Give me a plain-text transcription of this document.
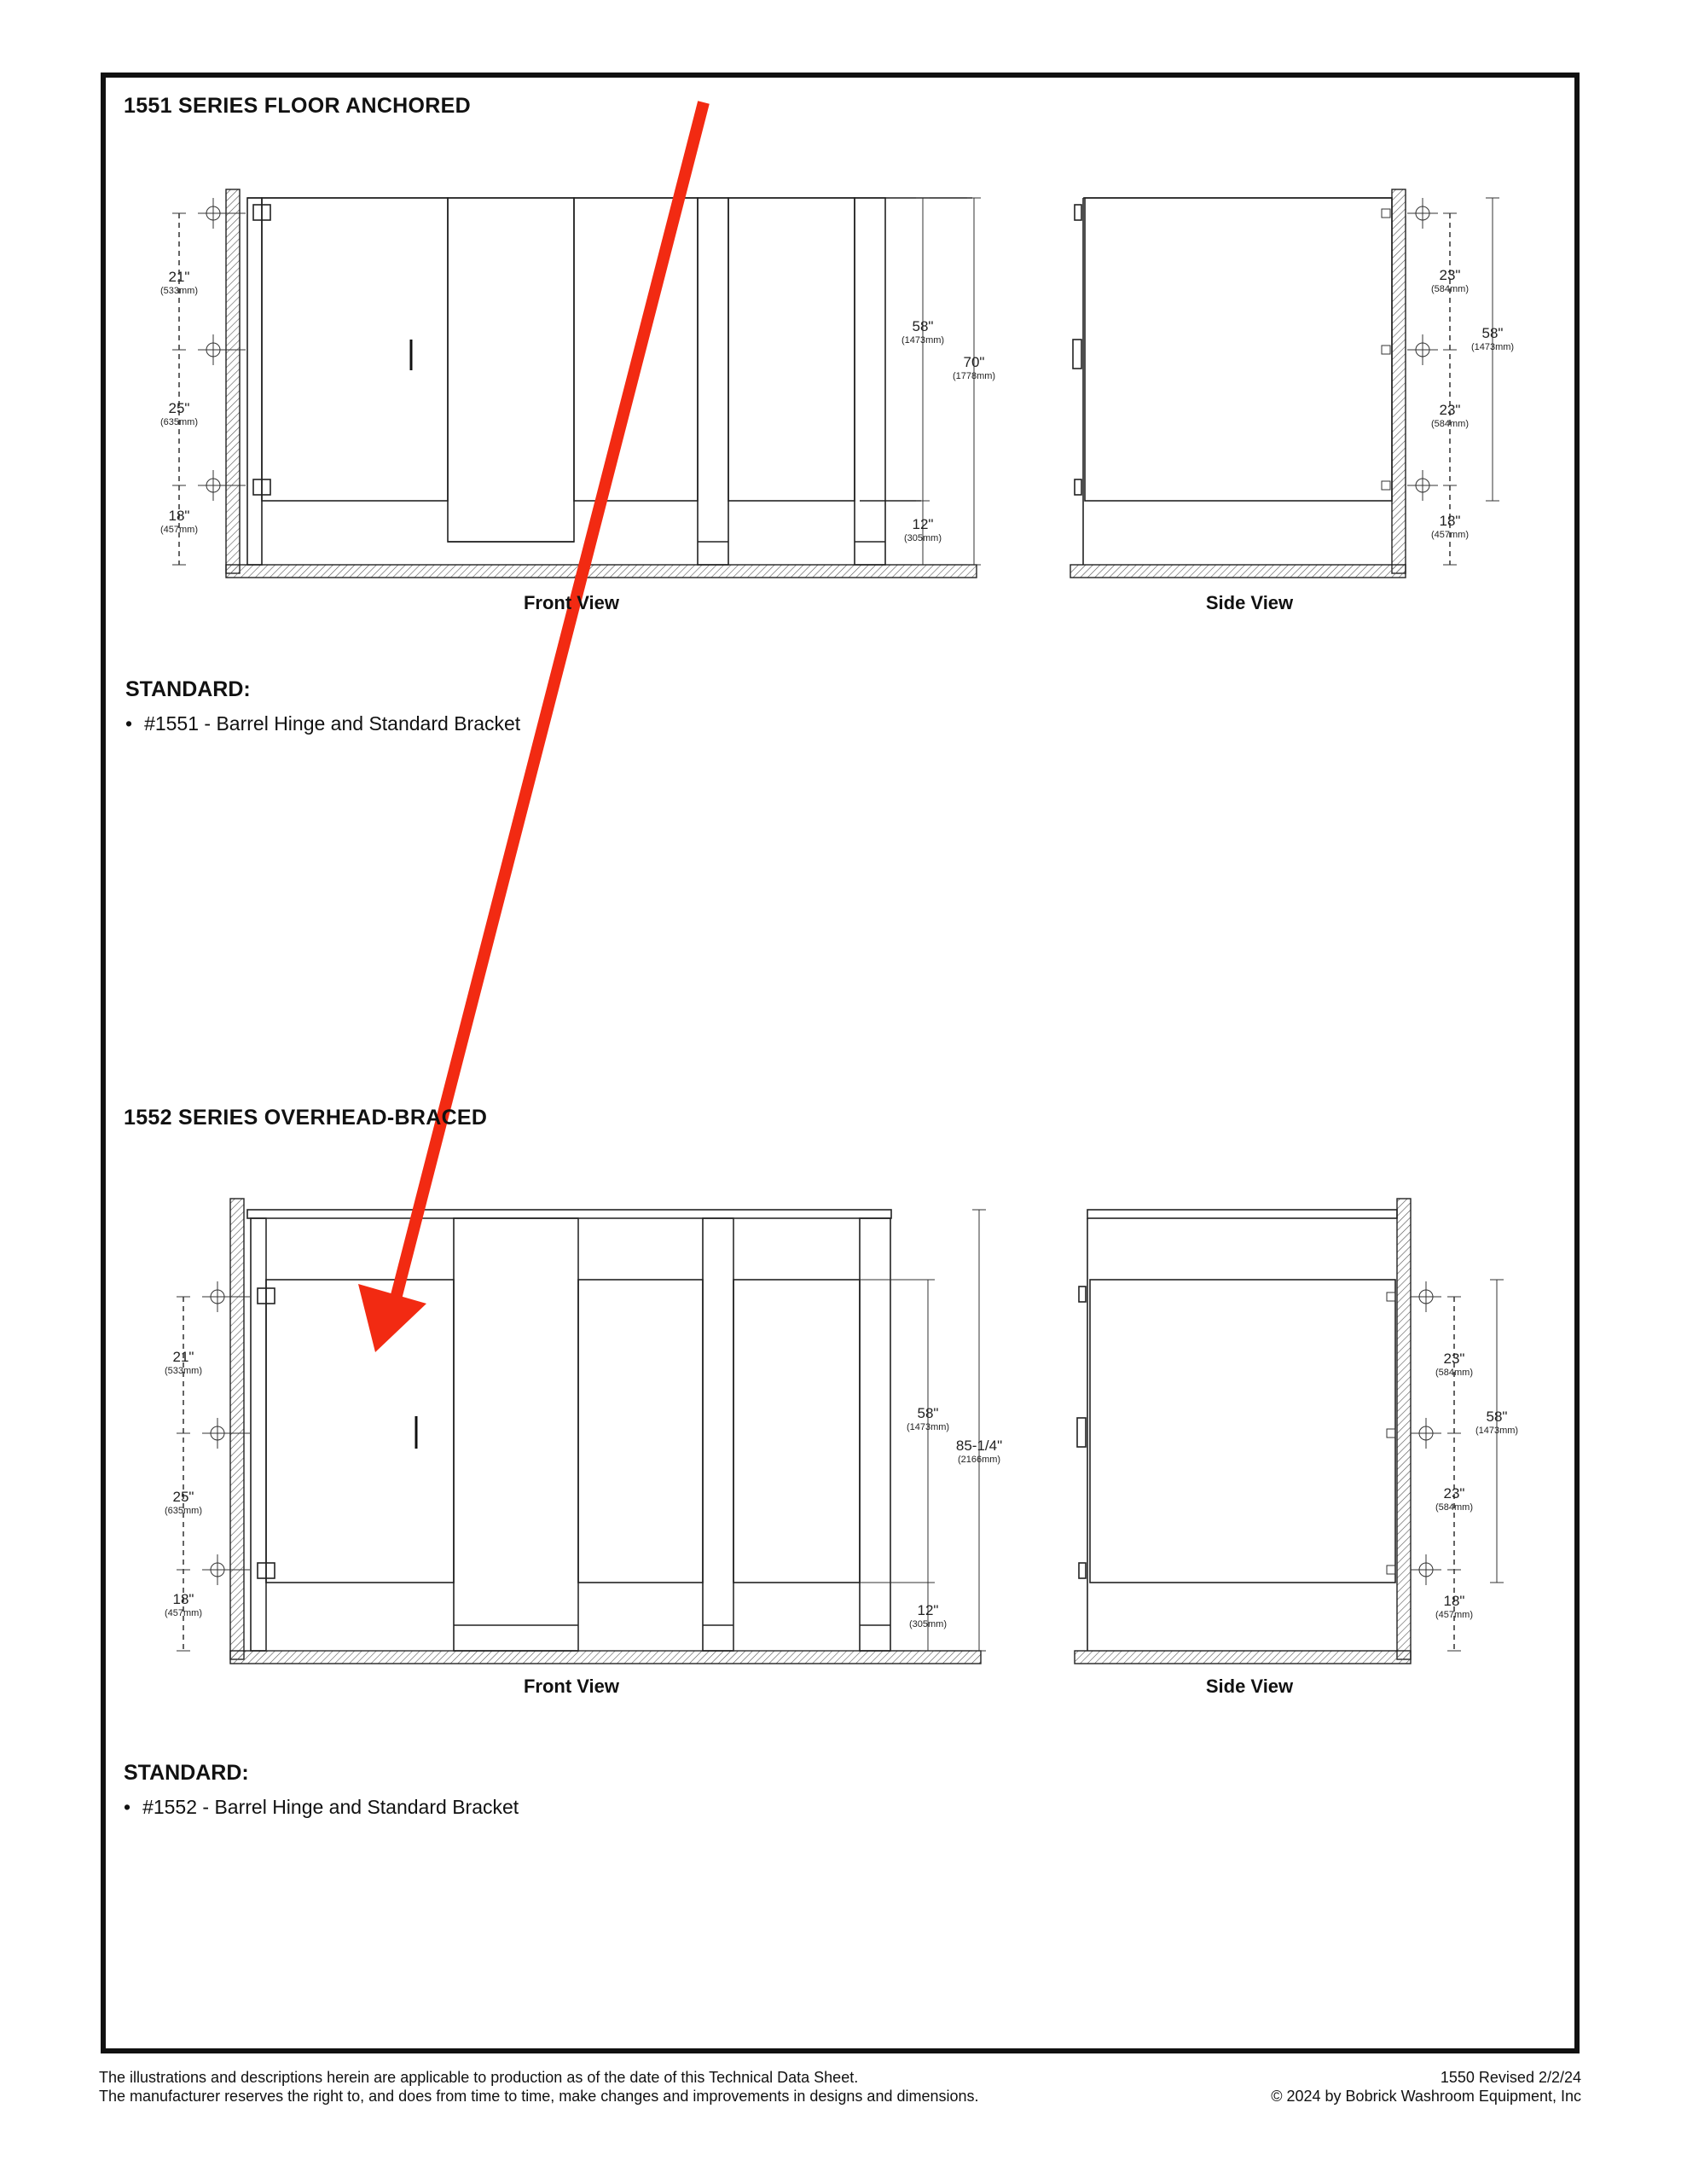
1551 SERIES FLOOR ANCHORED
21"
(533mm)
25"
(635mm)
18"
(457mm)
58"
(1473mm)
70"
(1778mm)
12"
(305mm)
23"
(584mm)
23"
(584mm)
58"
(1473mm)
18"
(457mm)
21"
(533mm)
25"
(635mm)
18"
(457mm)
58"
(1473mm)
85-1/4"
(2166mm)
12"
(305mm)
23"
(584mm)
23"
(584mm)
58"
(1473mm)
18"
(457mm)
Front View	Side View
STANDARD:
• #1551 - Barrel Hinge and Standard Bracket
1552 SERIES OVERHEAD-BRACED
Front View	Side View
STANDARD:
• #1552 - Barrel Hinge and Standard Bracket
The illustrations and descriptions herein are applicable to production as of the date of this Technical Data Sheet.
The manufacturer reserves the right to, and does from time to time, make changes and improvements in designs and dimensions.
1550 Revised 2/2/24
© 2024 by Bobrick Washroom Equipment, Inc
